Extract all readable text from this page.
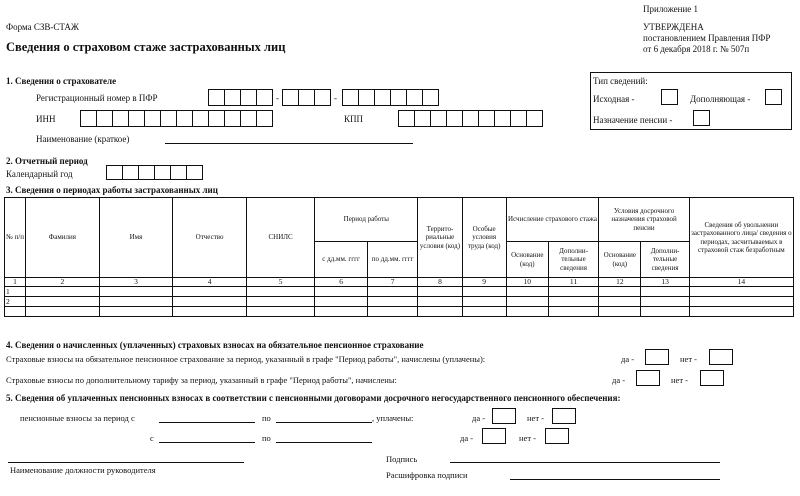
Форма СЗВ-СТАЖ
Сведения о страховом стаже застрахованных лиц
Приложение 1
УТВЕРЖДЕНА
постановлением Правления ПФР
от 6 декабря 2018 г. № 507п
1. Сведения о страхователе
Регистрационный номер в ПФР	-	-
ИНН	КПП
Наименование (краткое)
Тип сведений:
Исходная -	Дополняющая -
Назначение пенсии -
2. Отчетный период
Календарный год
3. Сведения о периодах работы застрахованных лиц
№ п/п	Фамилия	Имя	Отчество	СНИЛС	Период работы		Террито-риальные условия (код)	Особые условия труда (код)	Исчисление страхового стажа		Условия досрочного назначения страховой пенсии		Сведения об увольнении застрахованного лица/ сведения о периодах, засчитываемых в страховой стаж безработным
					с дд.мм. гггг	по дд.мм. гггг			Основание (код)	Дополни-тельные сведения	Основание (код)	Дополни-тельные сведения	
1	2	3	4	5	6	7	8	9	10	11	12	13	14
1													
2													

4. Сведения о начисленных (уплаченных) страховых взносах на обязательное пенсионное страхование
Страховые взносы на обязательное пенсионное страхование за период, указанный в графе "Период работы", начислены (уплачены):	да -	нет -
Страховые взносы по дополнительному тарифу за период, указанный в графе "Период работы", начислены:	да -	нет -
5. Сведения об уплаченных пенсионных взносах в соответствии с пенсионными договорами досрочного негосударственного пенсионного обеспечения:
пенсионные взносы за период с	по	, уплачены:	да -	нет -
с	по	да -	нет -
Наименование должности руководителя
Подпись
Расшифровка подписи
